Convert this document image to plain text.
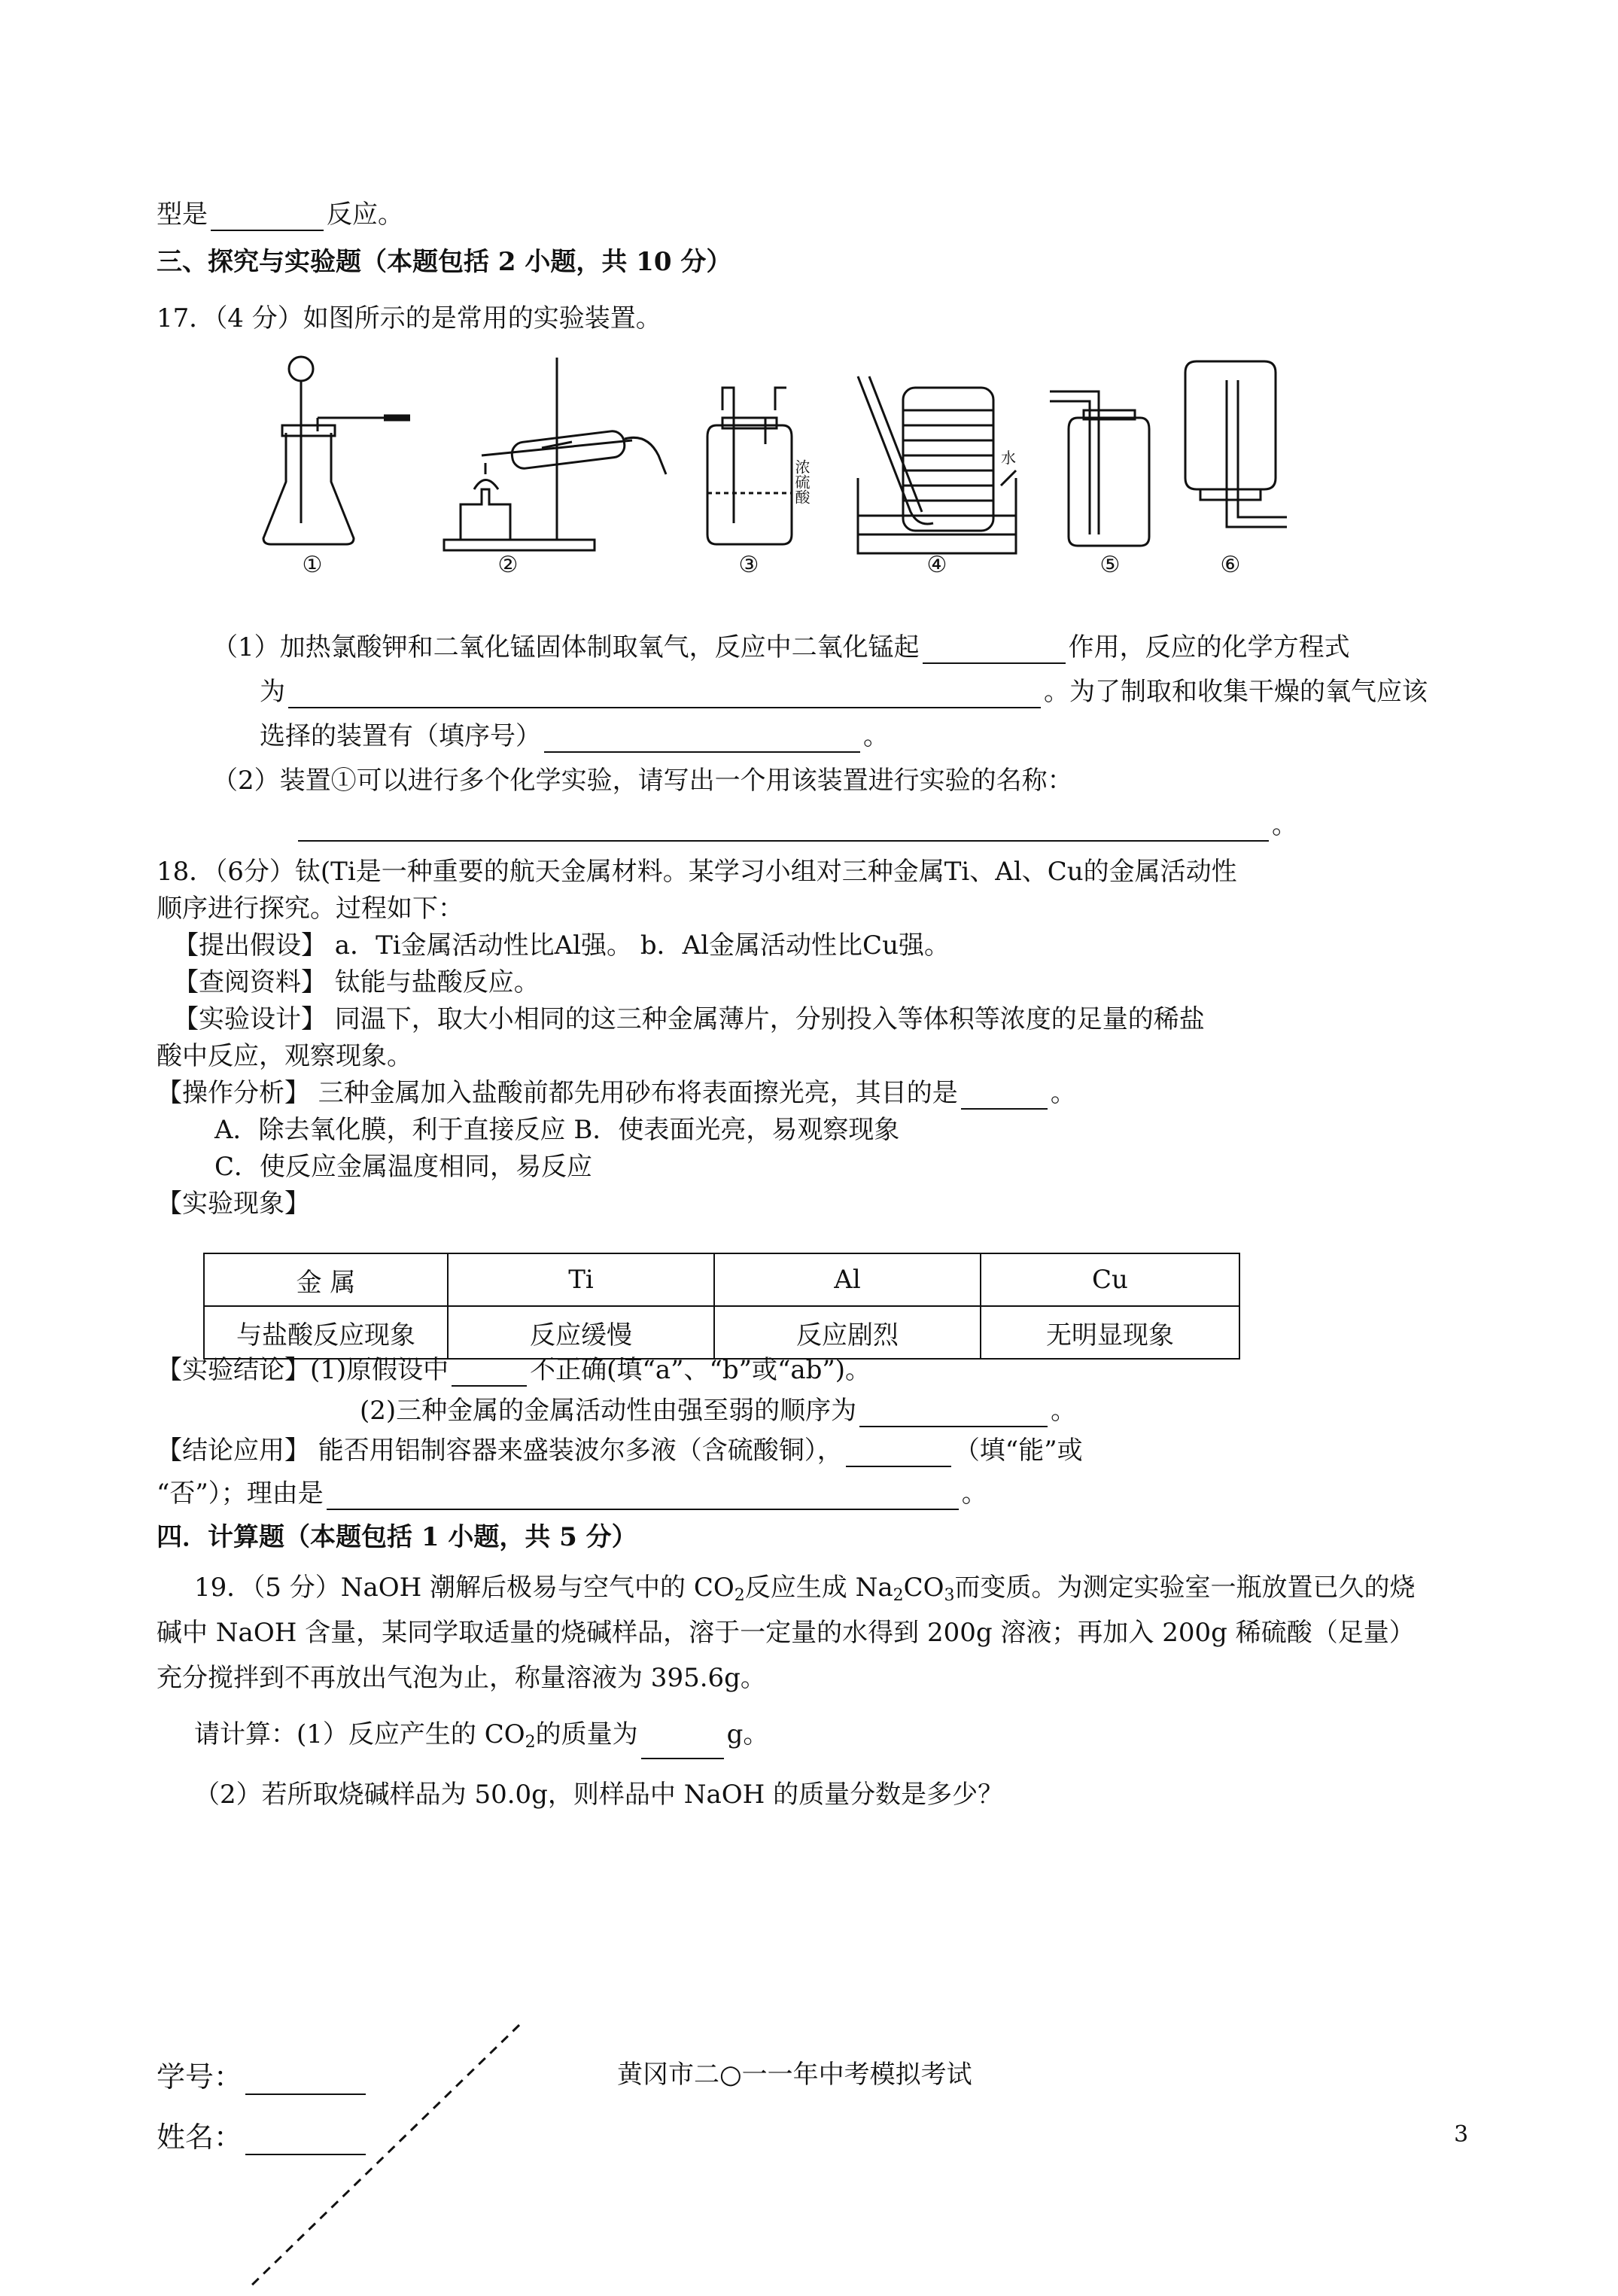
型是	反应。
三、探究与实验题（本题包括 2 小题，共 10 分）
17．（4 分）如图所示的是常用的实验装置。
①	②	③	④	⑤	⑥
浓硫酸
水
（1）加热氯酸钾和二氧化锰固体制取氧气，反应中二氧化锰起	作用，反应的化学方程式
为	。为了制取和收集干燥的氧气应该
选择的装置有（填序号）	。
（2）装置①可以进行多个化学实验，请写出一个用该装置进行实验的名称：
。
18．（6分）钛(Ti是一种重要的航天金属材料。某学习小组对三种金属Ti、Al、Cu的金属活动性
顺序进行探究。过程如下：
【提出假设】 a．Ti金属活动性比Al强。 b．Al金属活动性比Cu强。
【查阅资料】 钛能与盐酸反应。
【实验设计】 同温下，取大小相同的这三种金属薄片，分别投入等体积等浓度的足量的稀盐
酸中反应，观察现象。
【操作分析】 三种金属加入盐酸前都先用砂布将表面擦光亮，其目的是	。
A．除去氧化膜，利于直接反应 B．使表面光亮，易观察现象
C．使反应金属温度相同，易反应
【实验现象】
金 属	Ti	Al	Cu
与盐酸反应现象	反应缓慢	反应剧烈	无明显现象
【实验结论】(1)原假设中	不正确(填“a”、“b”或“ab”)。
(2)三种金属的金属活动性由强至弱的顺序为	。
【结论应用】 能否用铝制容器来盛装波尔多液（含硫酸铜），	（填“能”或
“否”）；理由是	。
四．计算题（本题包括 1 小题，共 5 分）
19．（5 分）NaOH 潮解后极易与空气中的 $CO_2$反应生成 $Na_2CO_3$而变质。为测定实验室一瓶放置已久的烧
碱中 NaOH 含量，某同学取适量的烧碱样品，溶于一定量的水得到 200g 溶液；再加入 200g 稀硫酸（足量）
充分搅拌到不再放出气泡为止，称量溶液为 395.6g。
请计算：(1）反应产生的 $CO_2$的质量为	g。
（2）若所取烧碱样品为 50.0g，则样品中 NaOH 的质量分数是多少？
学号：
姓名：
黄冈市二○一一年中考模拟考试
3
